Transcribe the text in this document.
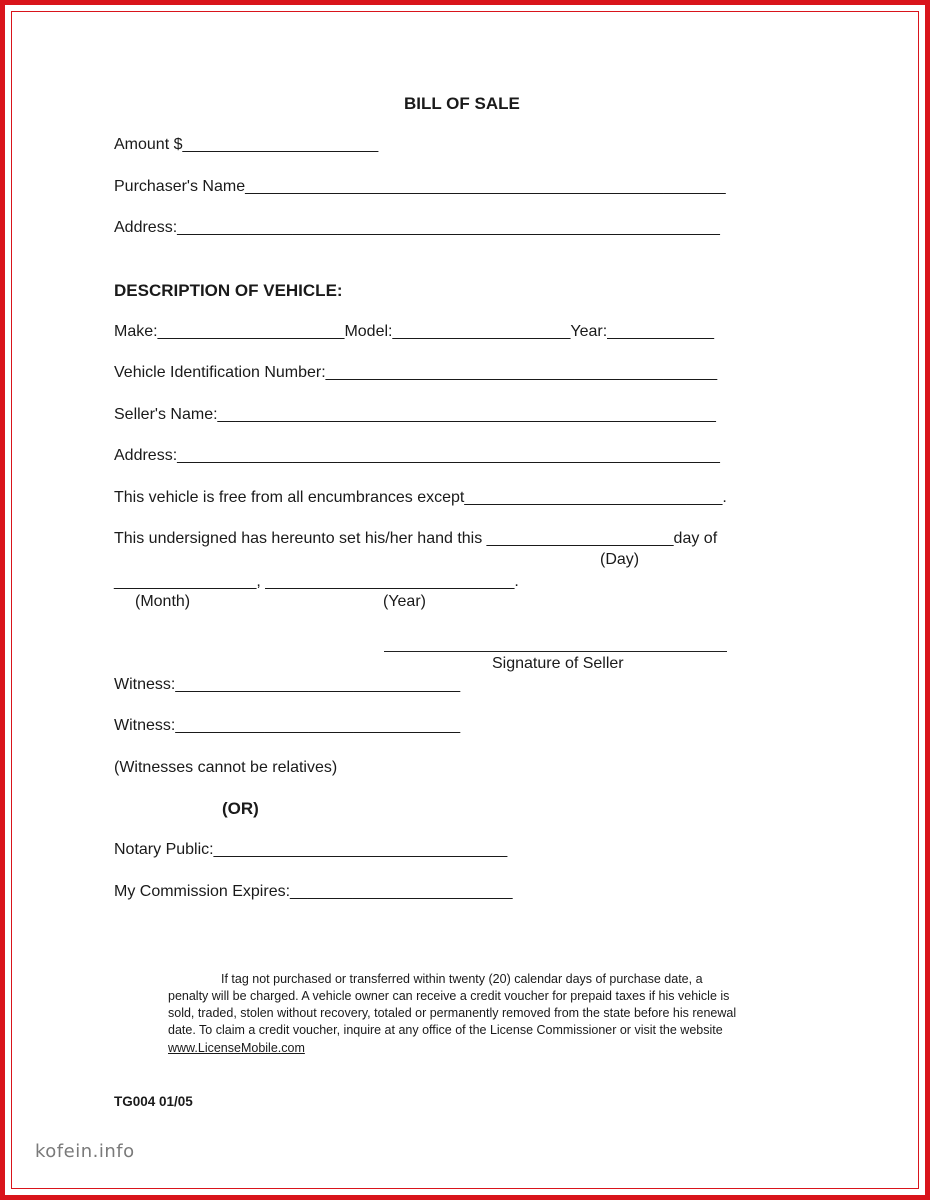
BILL OF SALE
Amount $______________________
Purchaser's Name______________________________________________________
Address:_____________________________________________________________
DESCRIPTION OF VEHICLE:
Make:_____________________Model:____________________Year:____________
Vehicle Identification Number:____________________________________________
Seller's Name:________________________________________________________
Address:_____________________________________________________________
This vehicle is free from all encumbrances except_____________________________.
This undersigned has hereunto set his/her hand this _____________________day of
(Day)
________________, ____________________________.
(Month)	(Year)
Signature of Seller
Witness:________________________________
Witness:________________________________
(Witnesses cannot be relatives)
(OR)
Notary Public:_________________________________
My Commission Expires:_________________________
If tag not purchased or transferred within twenty (20) calendar days of purchase date, a
penalty will be charged. A vehicle owner can receive a credit voucher for prepaid taxes if his vehicle is
sold, traded, stolen without recovery, totaled or permanently removed from the state before his renewal
date. To claim a credit voucher, inquire at any office of the License Commissioner or visit the website
www.LicenseMobile.com
TG004 01/05
kofein.info
